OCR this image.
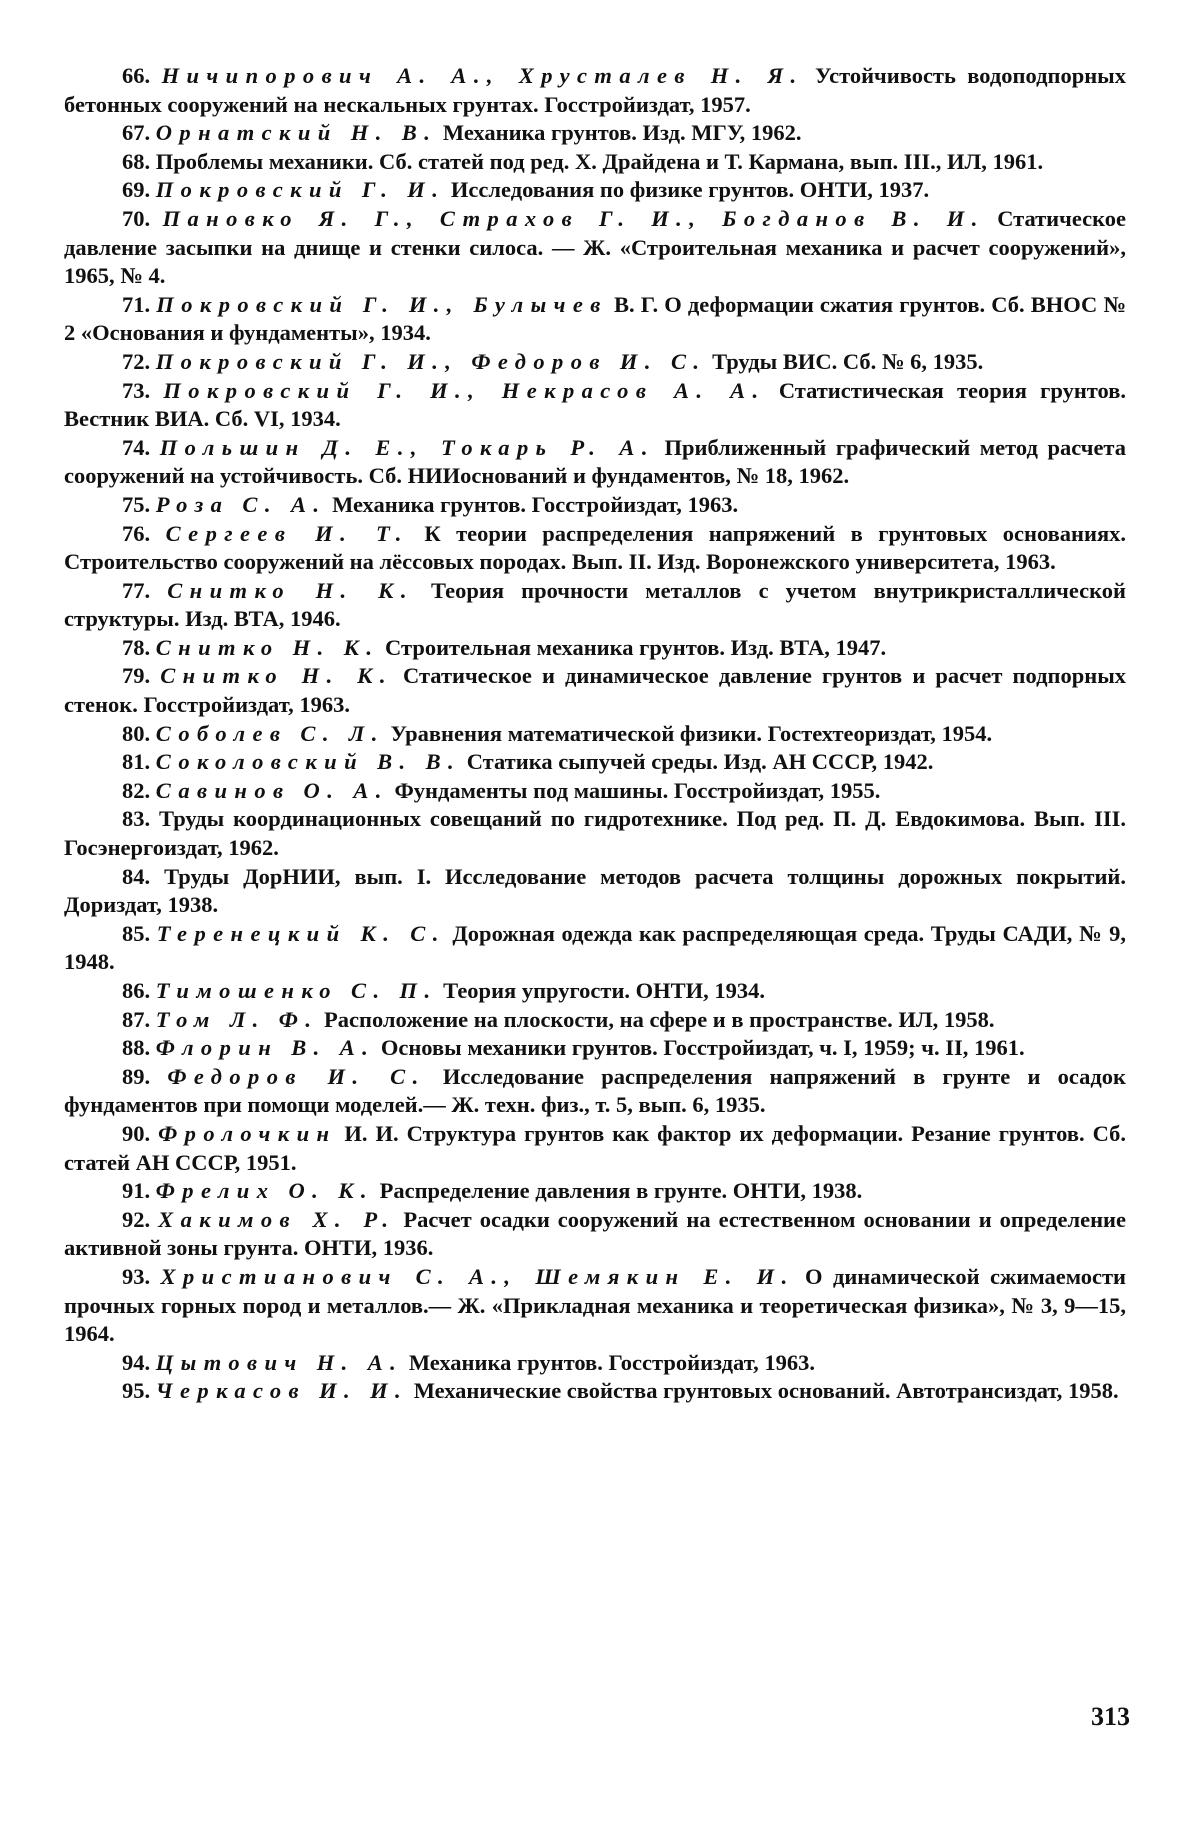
66. Ничипорович А. А., Хрусталев Н. Я. Устойчивость водоподпорных бетонных сооружений на нескальных грунтах. Госстройиздат, 1957.

67. Орнатский Н. В. Механика грунтов. Изд. МГУ, 1962.

68. Проблемы механики. Сб. статей под ред. Х. Драйдена и Т. Кармана, вып. III., ИЛ, 1961.

69. Покровский Г. И. Исследования по физике грунтов. ОНТИ, 1937.

70. Пановко Я. Г., Страхов Г. И., Богданов В. И. Статическое давление засыпки на днище и стенки силоса. — Ж. «Строительная механика и расчет сооружений», 1965, № 4.

71. Покровский Г. И., Булычев В. Г. О деформации сжатия грунтов. Сб. ВНОС № 2 «Основания и фундаменты», 1934.

72. Покровский Г. И., Федоров И. С. Труды ВИС. Сб. № 6, 1935.

73. Покровский Г. И., Некрасов А. А. Статистическая теория грунтов. Вестник ВИА. Сб. VI, 1934.

74. Польшин Д. Е., Токарь Р. А. Приближенный графический метод расчета сооружений на устойчивость. Сб. НИИоснований и фундаментов, № 18, 1962.

75. Роза С. А. Механика грунтов. Госстройиздат, 1963.

76. Сергеев И. Т. К теории распределения напряжений в грунтовых основаниях. Строительство сооружений на лёссовых породах. Вып. II. Изд. Воронежского университета, 1963.

77. Снитко Н. К. Теория прочности металлов с учетом внутрикристаллической структуры. Изд. ВТА, 1946.

78. Снитко Н. К. Строительная механика грунтов. Изд. ВТА, 1947.

79. Снитко Н. К. Статическое и динамическое давление грунтов и расчет подпорных стенок. Госстройиздат, 1963.

80. Соболев С. Л. Уравнения математической физики. Гостехтеориздат, 1954.

81. Соколовский В. В. Статика сыпучей среды. Изд. АН СССР, 1942.

82. Савинов О. А. Фундаменты под машины. Госстройиздат, 1955.

83. Труды координационных совещаний по гидротехнике. Под ред. П. Д. Евдокимова. Вып. III. Госэнергоиздат, 1962.

84. Труды ДорНИИ, вып. I. Исследование методов расчета толщины дорожных покрытий. Дориздат, 1938.

85. Теренецкий К. С. Дорожная одежда как распределяющая среда. Труды САДИ, № 9, 1948.

86. Тимошенко С. П. Теория упругости. ОНТИ, 1934.

87. Том Л. Ф. Расположение на плоскости, на сфере и в пространстве. ИЛ, 1958.

88. Флорин В. А. Основы механики грунтов. Госстройиздат, ч. I, 1959; ч. II, 1961.

89. Федоров И. С. Исследование распределения напряжений в грунте и осадок фундаментов при помощи моделей.— Ж. техн. физ., т. 5, вып. 6, 1935.

90. Фролочкин И. И. Структура грунтов как фактор их деформации. Резание грунтов. Сб. статей АН СССР, 1951.

91. Фрелих О. К. Распределение давления в грунте. ОНТИ, 1938.

92. Хакимов Х. Р. Расчет осадки сооружений на естественном основании и определение активной зоны грунта. ОНТИ, 1936.

93. Христианович С. А., Шемякин Е. И. О динамической сжимаемости прочных горных пород и металлов.— Ж. «Прикладная механика и теоретическая физика», № 3, 9—15, 1964.

94. Цытович Н. А. Механика грунтов. Госстройиздат, 1963.

95. Черкасов И. И. Механические свойства грунтовых оснований. Автотрансиздат, 1958.

313
